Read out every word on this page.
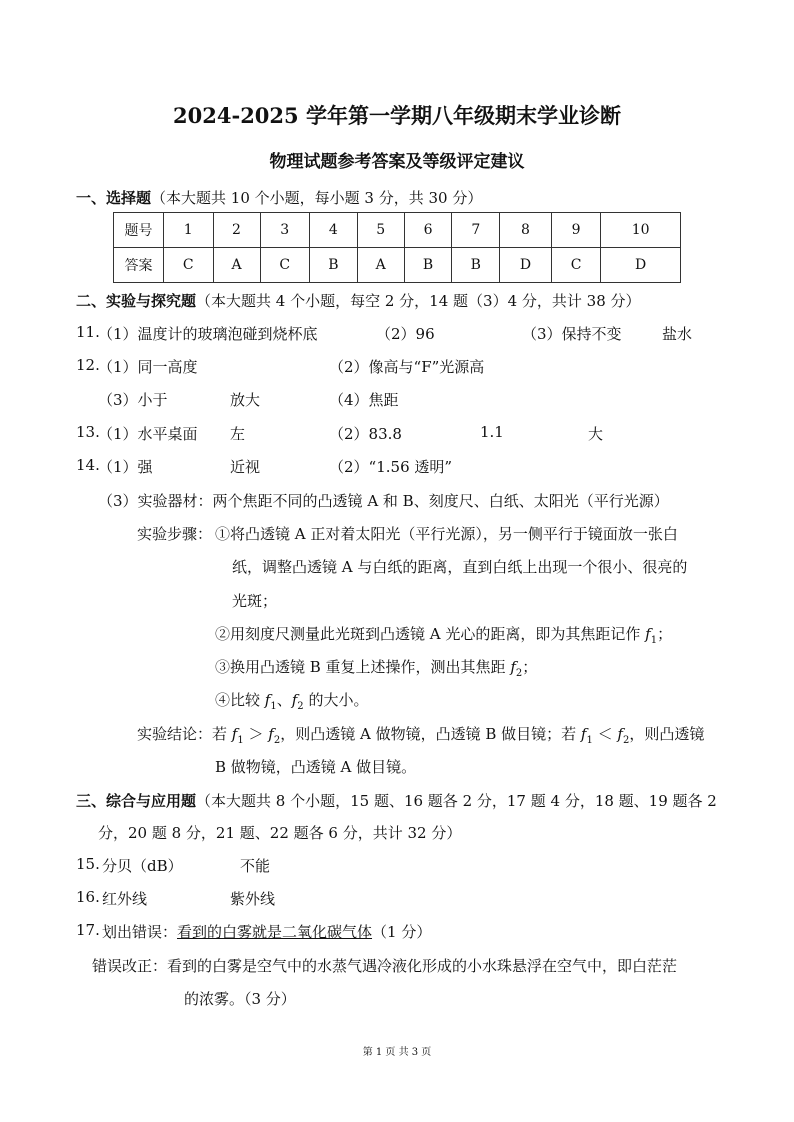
2024-2025 学年第一学期八年级期末学业诊断
物理试题参考答案及等级评定建议
一、选择题（本大题共 10 个小题，每小题 3 分，共 30 分）
题号	1	2	3	4	5	6	7	8	9	10
答案	C	A	C	B	A	B	B	D	C	D
二、实验与探究题（本大题共 4 个小题，每空 2 分，14 题（3）4 分，共计 38 分）
11.
（1）温度计的玻璃泡碰到烧杯底	（2）96	（3）保持不变	盐水
12.
（1）同一高度	（2）像高与“F”光源高
（3）小于	放大	（4）焦距
13.
（1）水平桌面 左	（2）83.8	1.1	大
14.
（1）强	近视	（2）“1.56 透明”
（3）实验器材：两个焦距不同的凸透镜 A 和 B、刻度尺、白纸、太阳光（平行光源）
实验步骤： ①将凸透镜 A 正对着太阳光（平行光源），另一侧平行于镜面放一张白
纸，调整凸透镜 A 与白纸的距离，直到白纸上出现一个很小、很亮的
光斑；
②用刻度尺测量此光斑到凸透镜 A 光心的距离，即为其焦距记作 $f_1$；
③换用凸透镜 B 重复上述操作，测出其焦距 $f_2$；
④比较 $f_1$、$f_2$ 的大小。
实验结论：若 $f_1 > f_2$，则凸透镜 A 做物镜，凸透镜 B 做目镜；若 $f_1 < f_2$，则凸透镜
B 做物镜，凸透镜 A 做目镜。
三、综合与应用题（本大题共 8 个小题，15 题、16 题各 2 分，17 题 4 分，18 题、19 题各 2
分，20 题 8 分，21 题、22 题各 6 分，共计 32 分）
15. 分贝（dB）	不能
16. 红外线	紫外线
17. 划出错误：看到的白雾就是二氧化碳气体（1 分）
错误改正：看到的白雾是空气中的水蒸气遇冷液化形成的小水珠悬浮在空气中，即白茫茫
的浓雾。（3 分）
第 1 页 共 3 页
